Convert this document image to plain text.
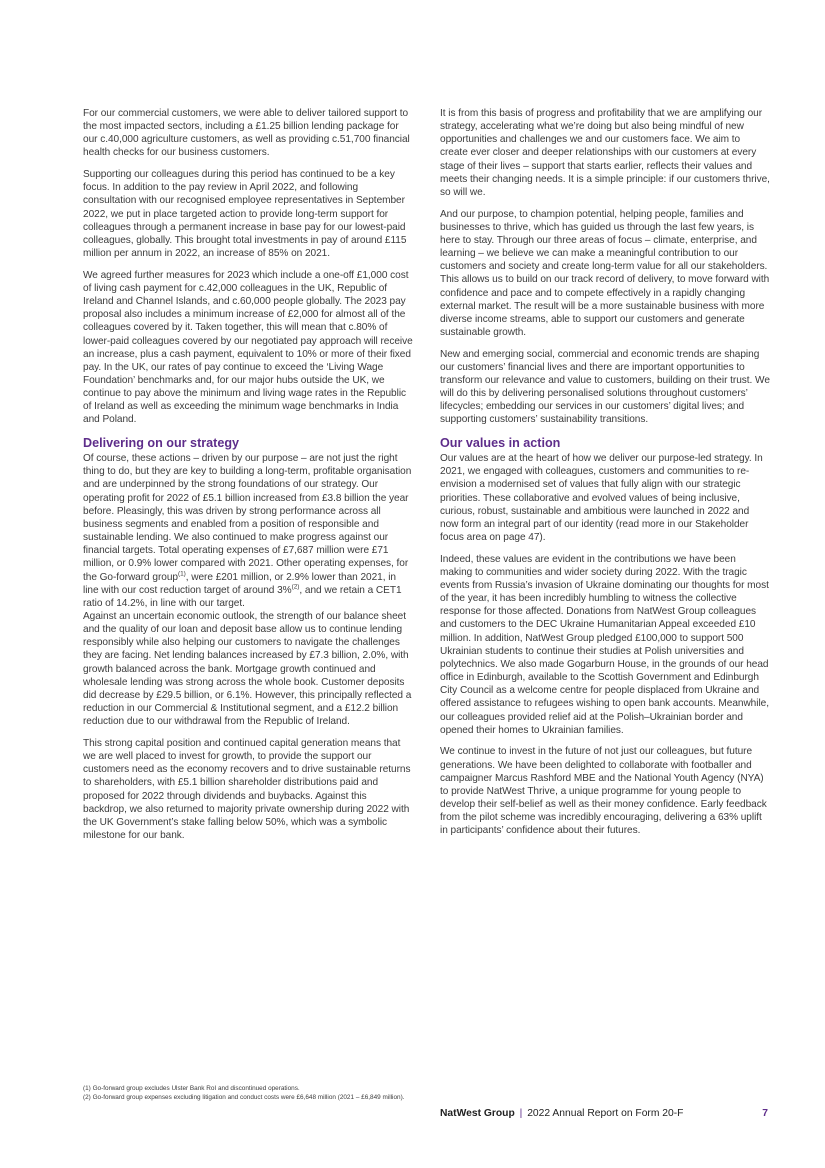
For our commercial customers, we were able to deliver tailored support to the most impacted sectors, including a £1.25 billion lending package for our c.40,000 agriculture customers, as well as providing c.51,700 financial health checks for our business customers.

Supporting our colleagues during this period has continued to be a key focus. In addition to the pay review in April 2022, and following consultation with our recognised employee representatives in September 2022, we put in place targeted action to provide long-term support for colleagues through a permanent increase in base pay for our lowest-paid colleagues, globally. This brought total investments in pay of around £115 million per annum in 2022, an increase of 85% on 2021.

We agreed further measures for 2023 which include a one-off £1,000 cost of living cash payment for c.42,000 colleagues in the UK, Republic of Ireland and Channel Islands, and c.60,000 people globally. The 2023 pay proposal also includes a minimum increase of £2,000 for almost all of the colleagues covered by it. Taken together, this will mean that c.80% of lower-paid colleagues covered by our negotiated pay approach will receive an increase, plus a cash payment, equivalent to 10% or more of their fixed pay. In the UK, our rates of pay continue to exceed the ‘Living Wage Foundation’ benchmarks and, for our major hubs outside the UK, we continue to pay above the minimum and living wage rates in the Republic of Ireland as well as exceeding the minimum wage benchmarks in India and Poland.

Delivering on our strategy

Of course, these actions – driven by our purpose – are not just the right thing to do, but they are key to building a long-term, profitable organisation and are underpinned by the strong foundations of our strategy. Our operating profit for 2022 of £5.1 billion increased from £3.8 billion the year before. Pleasingly, this was driven by strong performance across all business segments and enabled from a position of responsible and sustainable lending. We also continued to make progress against our financial targets. Total operating expenses of £7,687 million were £71 million, or 0.9% lower compared with 2021. Other operating expenses, for the Go-forward group$^{(1)}$, were £201 million, or 2.9% lower than 2021, in line with our cost reduction target of around 3%$^{(2)}$, and we retain a CET1 ratio of 14.2%, in line with our target.

Against an uncertain economic outlook, the strength of our balance sheet and the quality of our loan and deposit base allow us to continue lending responsibly while also helping our customers to navigate the challenges they are facing. Net lending balances increased by £7.3 billion, 2.0%, with growth balanced across the bank. Mortgage growth continued and wholesale lending was strong across the whole book. Customer deposits did decrease by £29.5 billion, or 6.1%. However, this principally reflected a reduction in our Commercial & Institutional segment, and a £12.2 billion reduction due to our withdrawal from the Republic of Ireland.

This strong capital position and continued capital generation means that we are well placed to invest for growth, to provide the support our customers need as the economy recovers and to drive sustainable returns to shareholders, with £5.1 billion shareholder distributions paid and proposed for 2022 through dividends and buybacks. Against this backdrop, we also returned to majority private ownership during 2022 with the UK Government’s stake falling below 50%, which was a symbolic milestone for our bank.

It is from this basis of progress and profitability that we are amplifying our strategy, accelerating what we’re doing but also being mindful of new opportunities and challenges we and our customers face. We aim to create ever closer and deeper relationships with our customers at every stage of their lives – support that starts earlier, reflects their values and meets their changing needs. It is a simple principle: if our customers thrive, so will we.

And our purpose, to champion potential, helping people, families and businesses to thrive, which has guided us through the last few years, is here to stay. Through our three areas of focus – climate, enterprise, and learning – we believe we can make a meaningful contribution to our customers and society and create long-term value for all our stakeholders. This allows us to build on our track record of delivery, to move forward with confidence and pace and to compete effectively in a rapidly changing external market. The result will be a more sustainable business with more diverse income streams, able to support our customers and generate sustainable growth.

New and emerging social, commercial and economic trends are shaping our customers’ financial lives and there are important opportunities to transform our relevance and value to customers, building on their trust. We will do this by delivering personalised solutions throughout customers’ lifecycles; embedding our services in our customers’ digital lives; and supporting customers’ sustainability transitions.

Our values in action

Our values are at the heart of how we deliver our purpose-led strategy. In 2021, we engaged with colleagues, customers and communities to re-envision a modernised set of values that fully align with our strategic priorities. These collaborative and evolved values of being inclusive, curious, robust, sustainable and ambitious were launched in 2022 and now form an integral part of our identity (read more in our Stakeholder focus area on page 47).

Indeed, these values are evident in the contributions we have been making to communities and wider society during 2022. With the tragic events from Russia’s invasion of Ukraine dominating our thoughts for most of the year, it has been incredibly humbling to witness the collective response for those affected. Donations from NatWest Group colleagues and customers to the DEC Ukraine Humanitarian Appeal exceeded £10 million. In addition, NatWest Group pledged £100,000 to support 500 Ukrainian students to continue their studies at Polish universities and polytechnics. We also made Gogarburn House, in the grounds of our head office in Edinburgh, available to the Scottish Government and Edinburgh City Council as a welcome centre for people displaced from Ukraine and offered assistance to refugees wishing to open bank accounts. Meanwhile, our colleagues provided relief aid at the Polish–Ukrainian border and opened their homes to Ukrainian families.

We continue to invest in the future of not just our colleagues, but future generations. We have been delighted to collaborate with footballer and campaigner Marcus Rashford MBE and the National Youth Agency (NYA) to provide NatWest Thrive, a unique programme for young people to develop their self-belief as well as their money confidence. Early feedback from the pilot scheme was incredibly encouraging, delivering a 63% uplift in participants’ confidence about their futures.

(1) Go-forward group excludes Ulster Bank RoI and discontinued operations.
(2) Go-forward group expenses excluding litigation and conduct costs were £6,648 million (2021 – £6,849 million).
NatWest Group | 2022 Annual Report on Form 20-F	7
